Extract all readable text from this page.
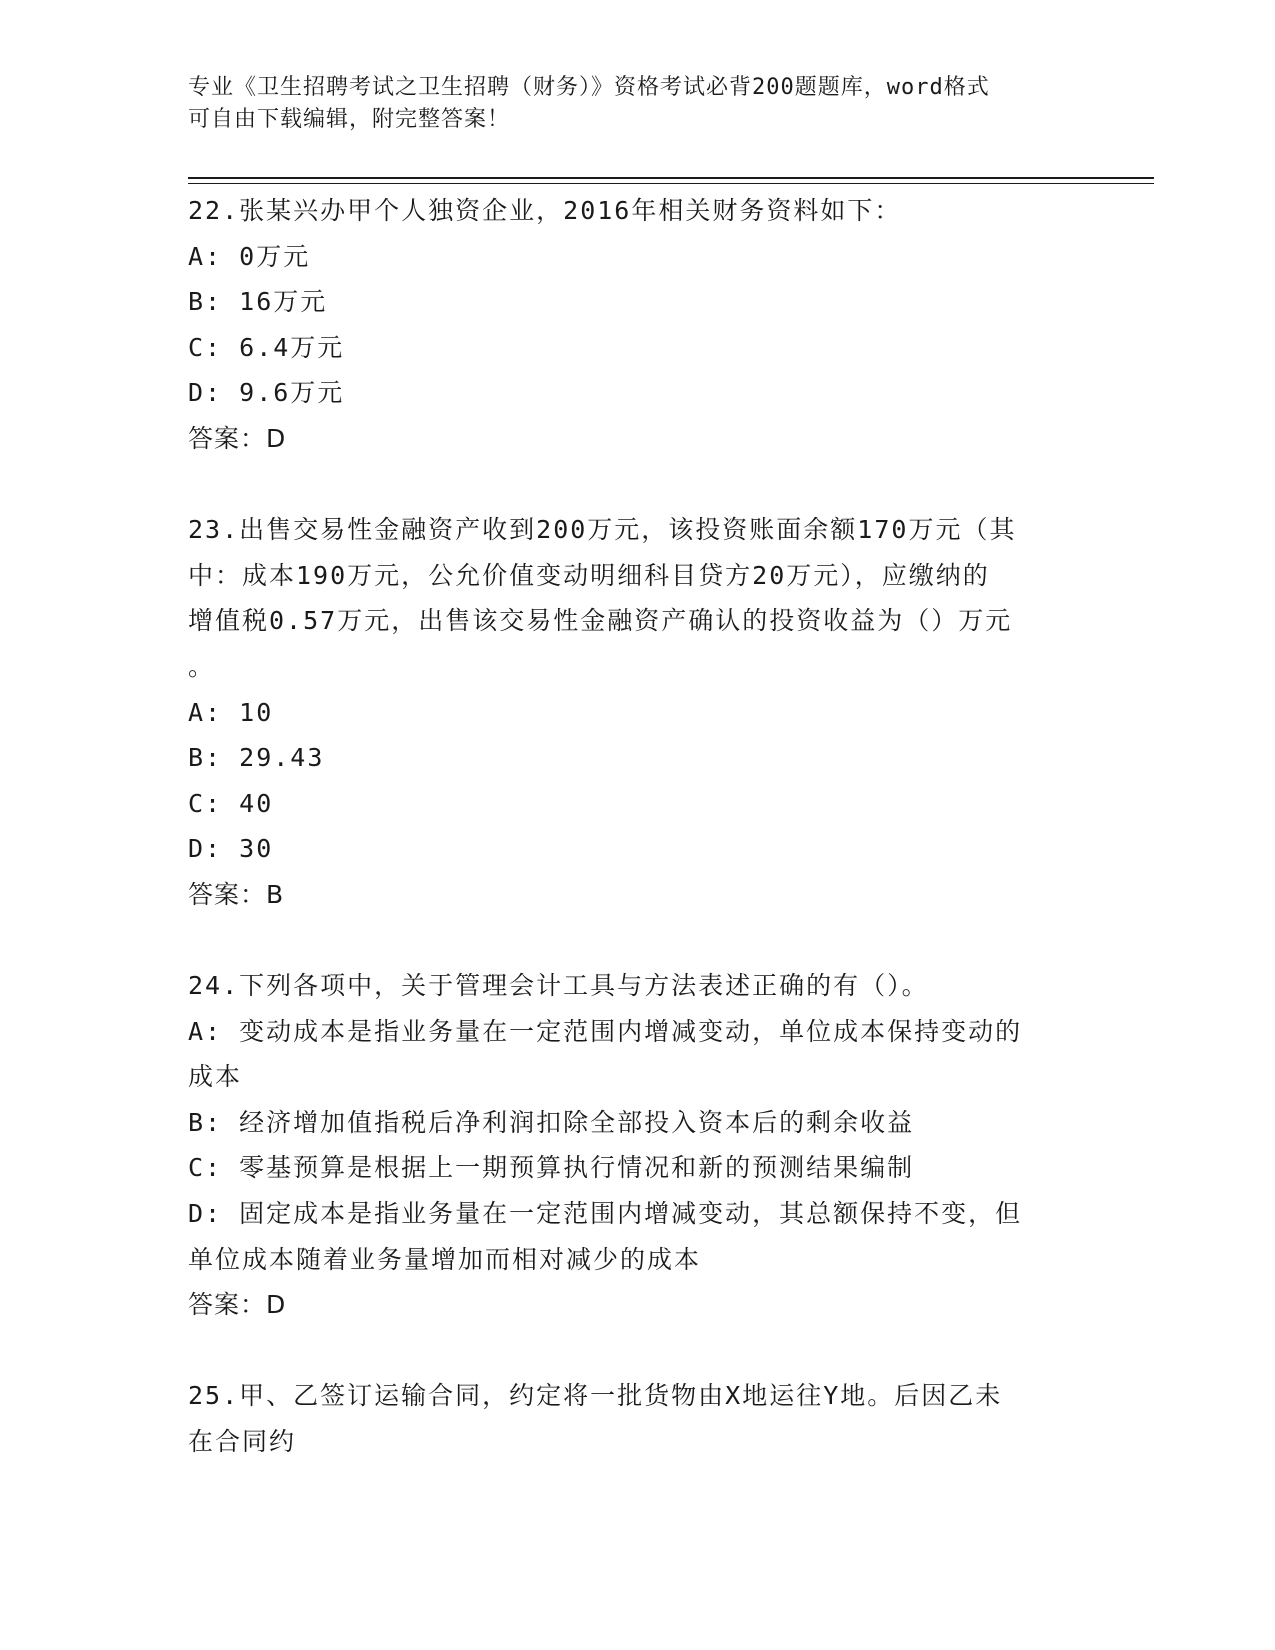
专业《卫生招聘考试之卫生招聘（财务）》资格考试必背200题题库，word格式
可自由下载编辑，附完整答案！
22.张某兴办甲个人独资企业，2016年相关财务资料如下：
A: 0万元
B: 16万元
C: 6.4万元
D: 9.6万元
答案：D
23.出售交易性金融资产收到200万元，该投资账面余额170万元（其
中：成本190万元，公允价值变动明细科目贷方20万元），应缴纳的
增值税0.57万元，出售该交易性金融资产确认的投资收益为（）万元
。
A: 10
B: 29.43
C: 40
D: 30
答案：B
24.下列各项中，关于管理会计工具与方法表述正确的有（）。
A: 变动成本是指业务量在一定范围内增减变动，单位成本保持变动的
成本
B: 经济增加值指税后净利润扣除全部投入资本后的剩余收益
C: 零基预算是根据上一期预算执行情况和新的预测结果编制
D: 固定成本是指业务量在一定范围内增减变动，其总额保持不变，但
单位成本随着业务量增加而相对减少的成本
答案：D
25.甲、乙签订运输合同，约定将一批货物由X地运往Y地。后因乙未
在合同约
